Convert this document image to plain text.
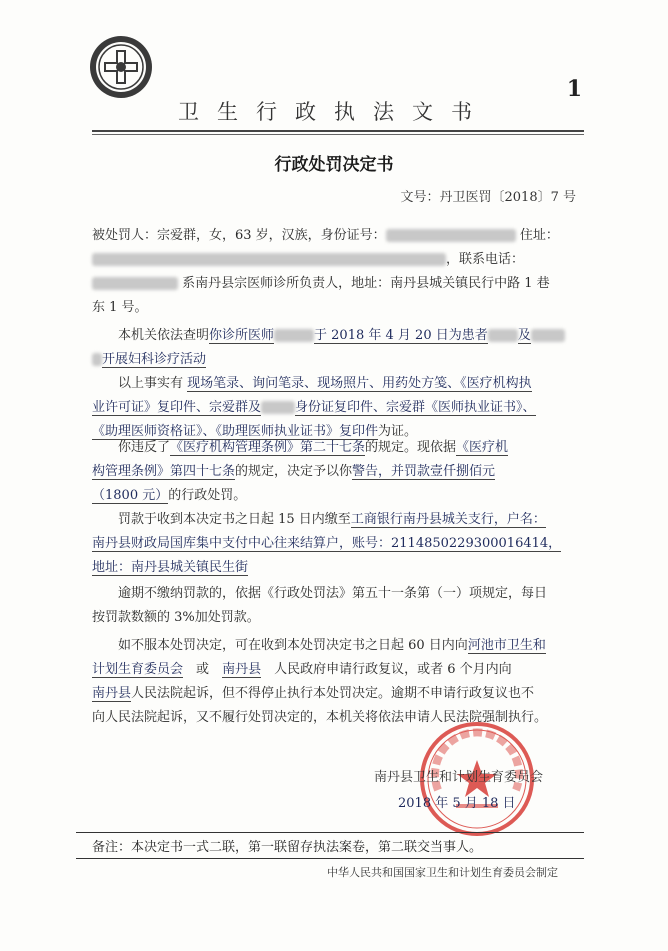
1
卫生行政执法文书
行政处罚决定书
文号：丹卫医罚〔2018〕7 号
被处罚人：宗爱群，女，63 岁，汉族，身份证号：	住址：
，联系电话：
系南丹县宗医师诊所负责人，地址：南丹县城关镇民行中路 1 巷
东 1 号。
本机关依法查明你诊所医师	于 2018 年 4 月 20 日为患者 及
开展妇科诊疗活动
以上事实有 现场笔录、询问笔录、现场照片、用药处方笺、《医疗机构执
业许可证》复印件、宗爱群及	身份证复印件、宗爱群《医师执业证书》、
《助理医师资格证》、《助理医师执业证书》复印件为证。
你违反了《医疗机构管理条例》第二十七条的规定。现依据《医疗机
构管理条例》第四十七条的规定，决定予以你警告，并罚款壹仟捌佰元
（1800 元）的行政处罚。
罚款于收到本决定书之日起 15 日内缴至工商银行南丹县城关支行，户名：
南丹县财政局国库集中支付中心往来结算户，账号：2114850229300016414，
地址：南丹县城关镇民生街
逾期不缴纳罚款的，依据《行政处罚法》第五十一条第（一）项规定，每日
按罚款数额的 3%加处罚款。
如不服本处罚决定，可在收到本处罚决定书之日起 60 日内向河池市卫生和
计划生育委员会　 或　 南丹县　 人民政府申请行政复议，或者 6 个月内向
南丹县人民法院起诉，但不得停止执行本处罚决定。逾期不申请行政复议也不
向人民法院起诉，又不履行处罚决定的，本机关将依法申请人民法院强制执行。
南丹县卫生和计划生育委员会
2018 年 5 月 18 日
备注：本决定书一式二联，第一联留存执法案卷，第二联交当事人。
中华人民共和国国家卫生和计划生育委员会制定
